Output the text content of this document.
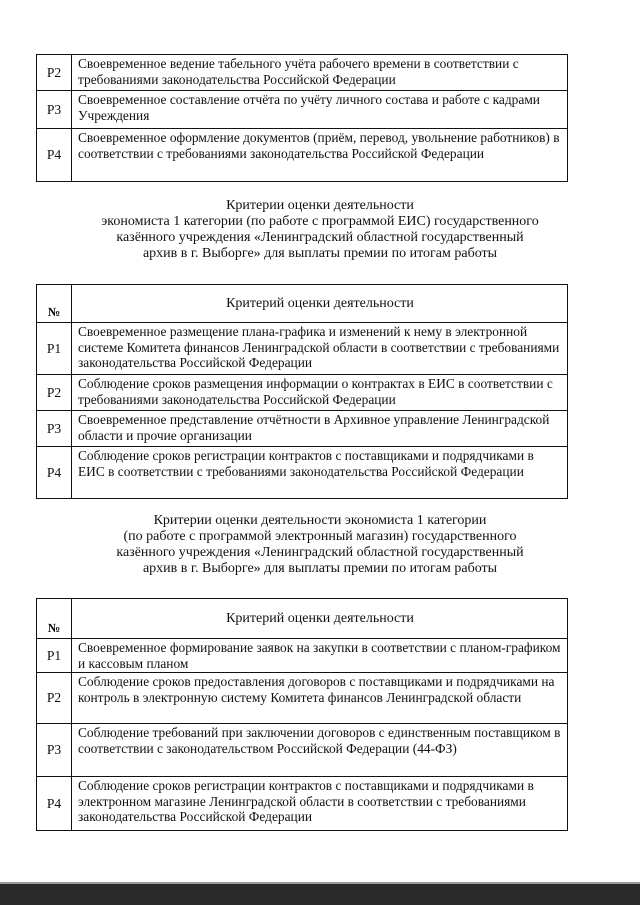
Р2	Своевременное ведение табельного учёта рабочего времени в соответствии с требованиями законодательства Российской Федерации
Р3	Своевременное составление отчёта по учёту личного состава и работе с кадрами Учреждения
Р4	Своевременное оформление документов (приём, перевод, увольнение работников) в соответствии с требованиями законодательства Российской Федерации
Критерии оценки деятельности
экономиста 1 категории (по работе с программой ЕИС) государственного
казённого учреждения «Ленинградский областной государственный
архив в г. Выборге» для выплаты премии по итогам работы
№	Критерий оценки деятельности
Р1	Своевременное размещение плана-графика и изменений к нему в электронной системе Комитета финансов Ленинградской области в соответствии с требованиями законодательства Российской Федерации
Р2	Соблюдение сроков размещения информации о контрактах в ЕИС в соответствии с требованиями законодательства Российской Федерации
Р3	Своевременное представление отчётности в Архивное управление Ленинградской области и прочие организации
Р4	Соблюдение сроков регистрации контрактов с поставщиками и подрядчиками в ЕИС в соответствии с требованиями законодательства Российской Федерации
Критерии оценки деятельности экономиста 1 категории
(по работе с программой электронный магазин) государственного
казённого учреждения «Ленинградский областной государственный
архив в г. Выборге» для выплаты премии по итогам работы
№	Критерий оценки деятельности
Р1	Своевременное формирование заявок на закупки в соответствии с планом-графиком и кассовым планом
Р2	Соблюдение сроков предоставления договоров с поставщиками и подрядчиками на контроль в электронную систему Комитета финансов Ленинградской области
Р3	Соблюдение требований при заключении договоров с единственным поставщиком в соответствии с законодательством Российской Федерации (44-ФЗ)
Р4	Соблюдение сроков регистрации контрактов с поставщиками и подрядчиками в электронном магазине Ленинградской области в соответствии с требованиями законодательства Российской Федерации
